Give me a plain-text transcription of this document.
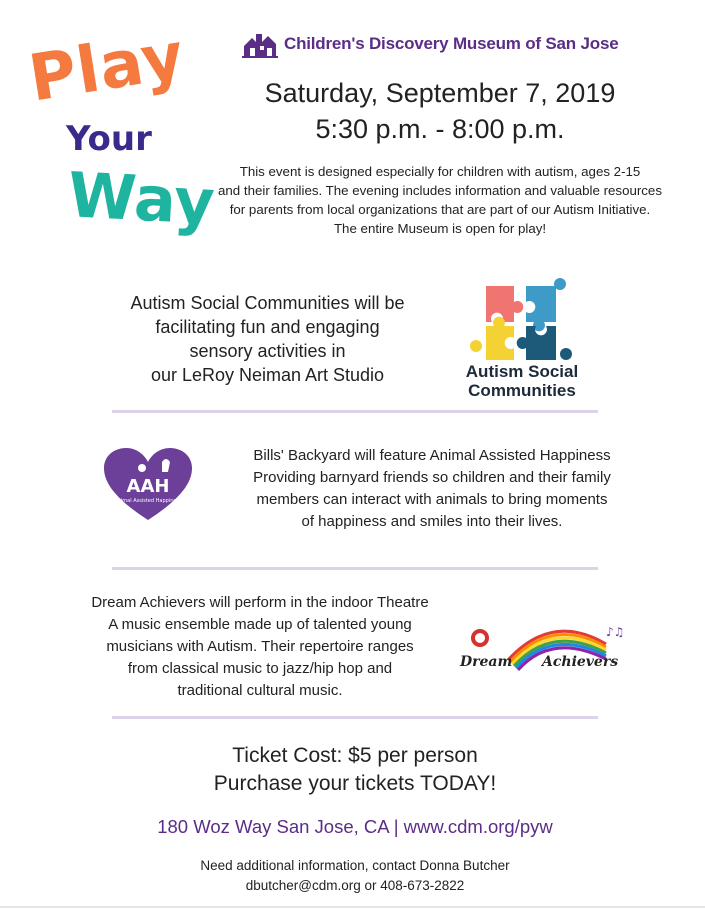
Play
Your
Way
Children's Discovery Museum of San Jose
Saturday, September 7, 2019
5:30 p.m. - 8:00 p.m.
This event is designed especially for children with autism, ages 2-15
and their families. The evening includes information and valuable resources
for parents from local organizations that are part of our Autism Initiative.
The entire Museum is open for play!
Autism Social Communities will be
facilitating fun and engaging
sensory activities in
our LeRoy Neiman Art Studio	Autism Social
Communities
AAH
Animal Assisted Happiness
Bills' Backyard will feature Animal Assisted Happiness
Providing barnyard friends so children and their family
members can interact with animals to bring moments
of happiness and smiles into their lives.
Dream Achievers will perform in the indoor Theatre
A music ensemble made up of talented young
musicians with Autism. Their repertoire ranges
from classical music to jazz/hip hop and
traditional cultural music.
♪♫
Dream Achievers
Ticket Cost: $5 per person
Purchase your tickets TODAY!
180 Woz Way San Jose, CA | www.cdm.org/pyw
Need additional information, contact Donna Butcher
dbutcher@cdm.org or 408-673-2822
